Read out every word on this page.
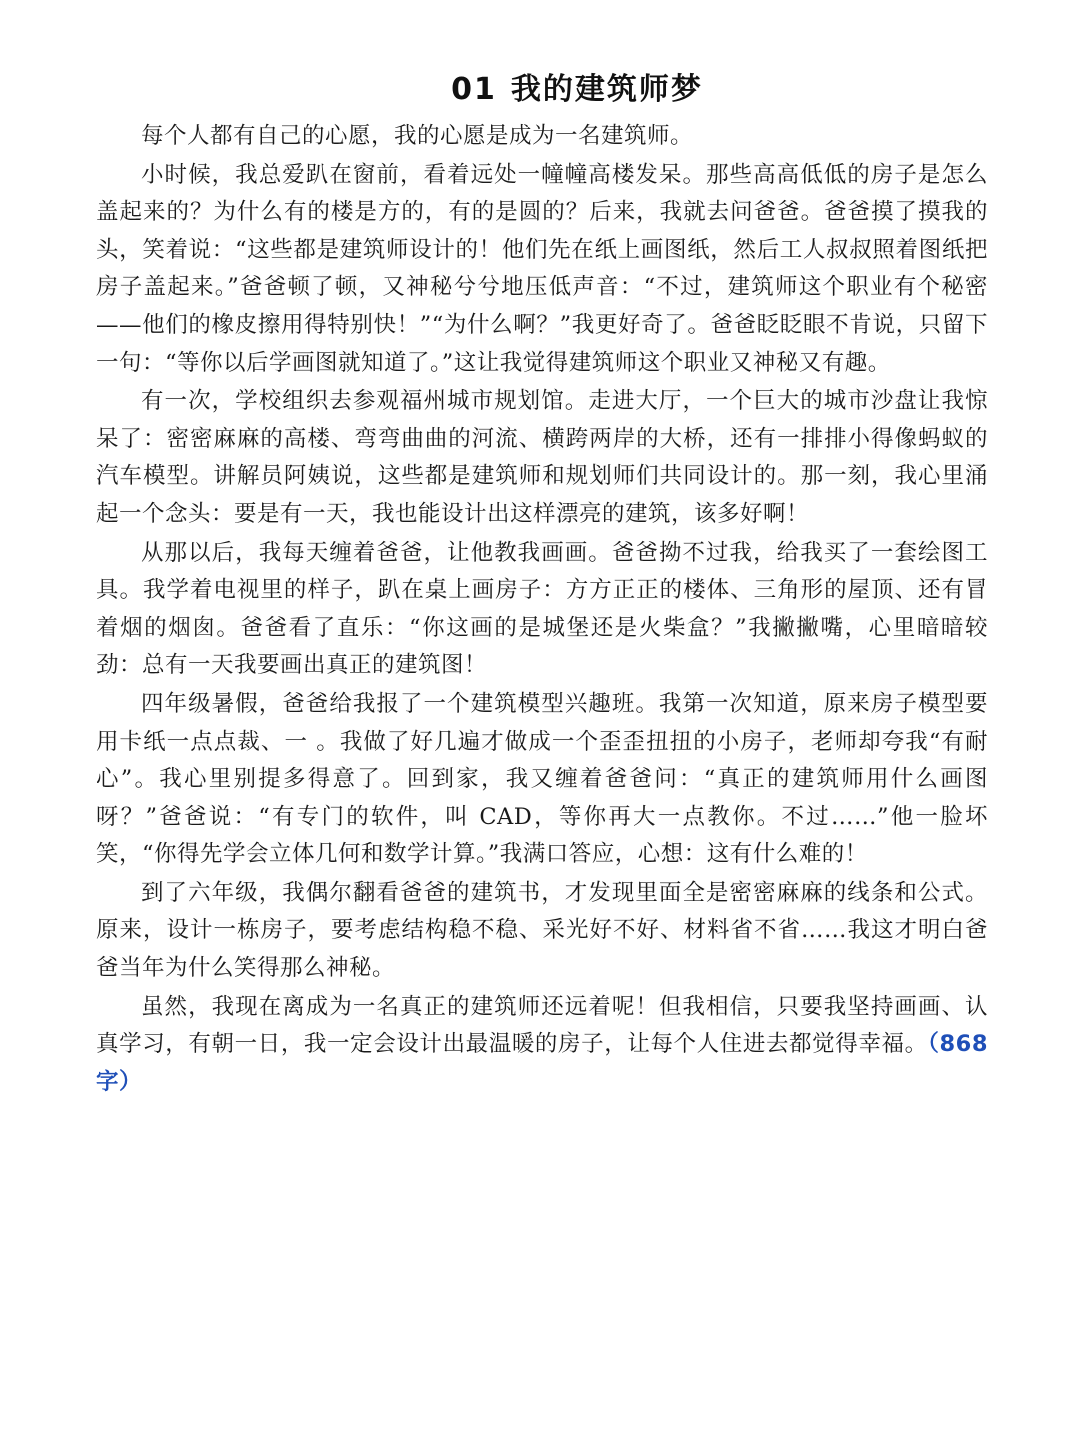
01 我的建筑师梦

每个人都有自己的心愿，我的心愿是成为一名建筑师。

小时候，我总爱趴在窗前，看着远处一幢幢高楼发呆。那些高高低低的房子是怎么盖起来的？为什么有的楼是方的，有的是圆的？后来，我就去问爸爸。爸爸摸了摸我的头，笑着说：“这些都是建筑师设计的！他们先在纸上画图纸，然后工人叔叔照着图纸把房子盖起来。”爸爸顿了顿，又神秘兮兮地压低声音：“不过，建筑师这个职业有个秘密——他们的橡皮擦用得特别快！”“为什么啊？”我更好奇了。爸爸眨眨眼不肯说，只留下一句：“等你以后学画图就知道了。”这让我觉得建筑师这个职业又神秘又有趣。

有一次，学校组织去参观福州城市规划馆。走进大厅，一个巨大的城市沙盘让我惊呆了：密密麻麻的高楼、弯弯曲曲的河流、横跨两岸的大桥，还有一排排小得像蚂蚁的汽车模型。讲解员阿姨说，这些都是建筑师和规划师们共同设计的。那一刻，我心里涌起一个念头：要是有一天，我也能设计出这样漂亮的建筑，该多好啊！

从那以后，我每天缠着爸爸，让他教我画画。爸爸拗不过我，给我买了一套绘图工具。我学着电视里的样子，趴在桌上画房子：方方正正的楼体、三角形的屋顶、还有冒着烟的烟囱。爸爸看了直乐：“你这画的是城堡还是火柴盒？”我撇撇嘴，心里暗暗较劲：总有一天我要画出真正的建筑图！

四年级暑假，爸爸给我报了一个建筑模型兴趣班。我第一次知道，原来房子模型要用卡纸一点点裁、一 。我做了好几遍才做成一个歪歪扭扭的小房子，老师却夸我“有耐心”。我心里别提多得意了。回到家，我又缠着爸爸问：“真正的建筑师用什么画图呀？”爸爸说：“有专门的软件，叫 CAD，等你再大一点教你。不过……”他一脸坏笑，“你得先学会立体几何和数学计算。”我满口答应，心想：这有什么难的！

到了六年级，我偶尔翻看爸爸的建筑书，才发现里面全是密密麻麻的线条和公式。原来，设计一栋房子，要考虑结构稳不稳、采光好不好、材料省不省……我这才明白爸爸当年为什么笑得那么神秘。

虽然，我现在离成为一名真正的建筑师还远着呢！但我相信，只要我坚持画画、认真学习，有朝一日，我一定会设计出最温暖的房子，让每个人住进去都觉得幸福。（868 字）
